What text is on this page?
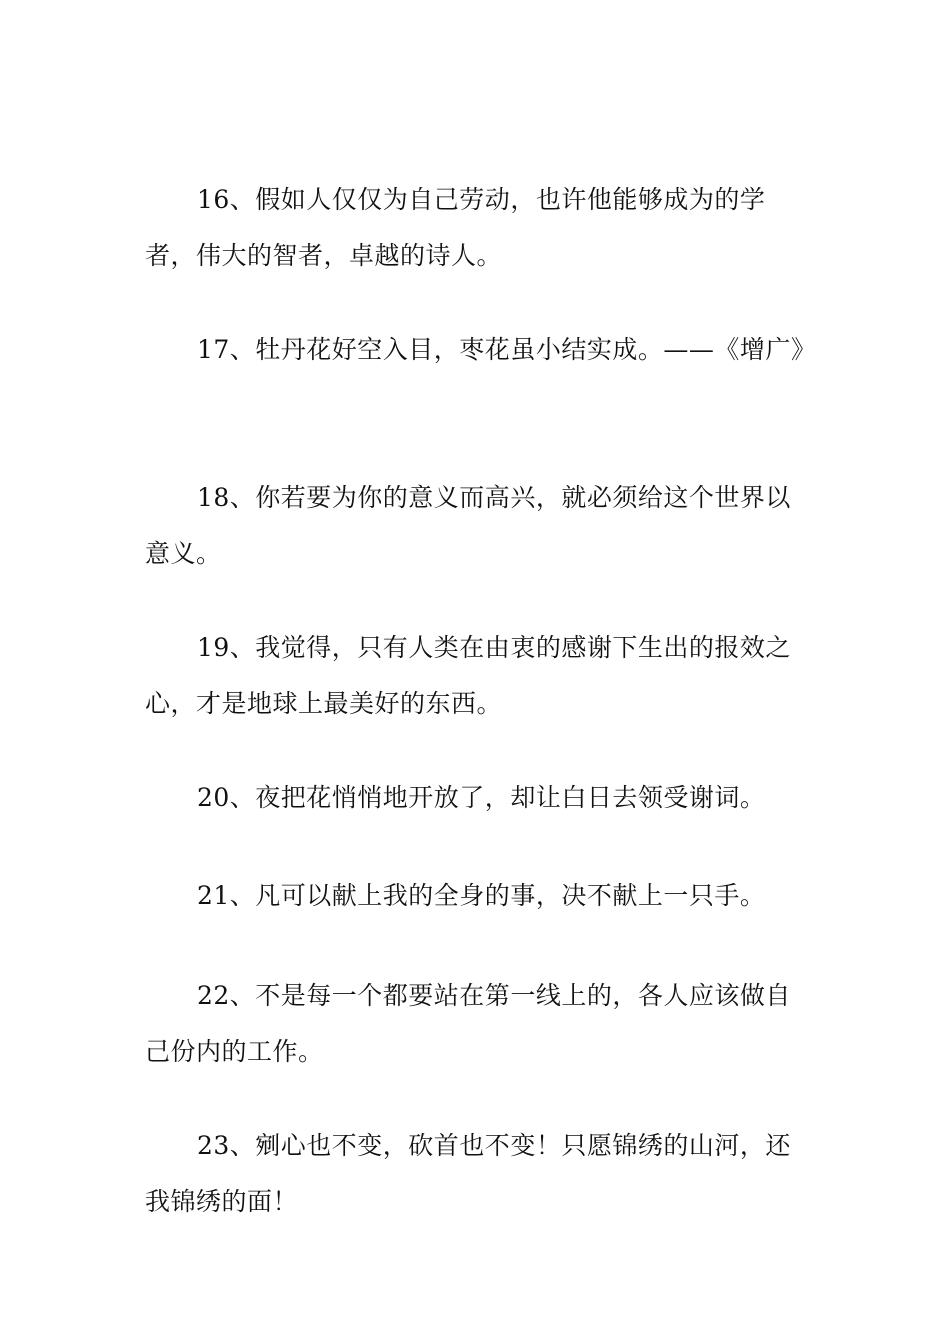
16、假如人仅仅为自己劳动，也许他能够成为的学者，伟大的智者，卓越的诗人。

17、牡丹花好空入目，枣花虽小结实成。——《增广》

18、你若要为你的意义而高兴，就必须给这个世界以意义。

19、我觉得，只有人类在由衷的感谢下生出的报效之心，才是地球上最美好的东西。

20、夜把花悄悄地开放了，却让白日去领受谢词。

21、凡可以献上我的全身的事，决不献上一只手。

22、不是每一个都要站在第一线上的，各人应该做自己份内的工作。

23、剜心也不变，砍首也不变！只愿锦绣的山河，还我锦绣的面！
